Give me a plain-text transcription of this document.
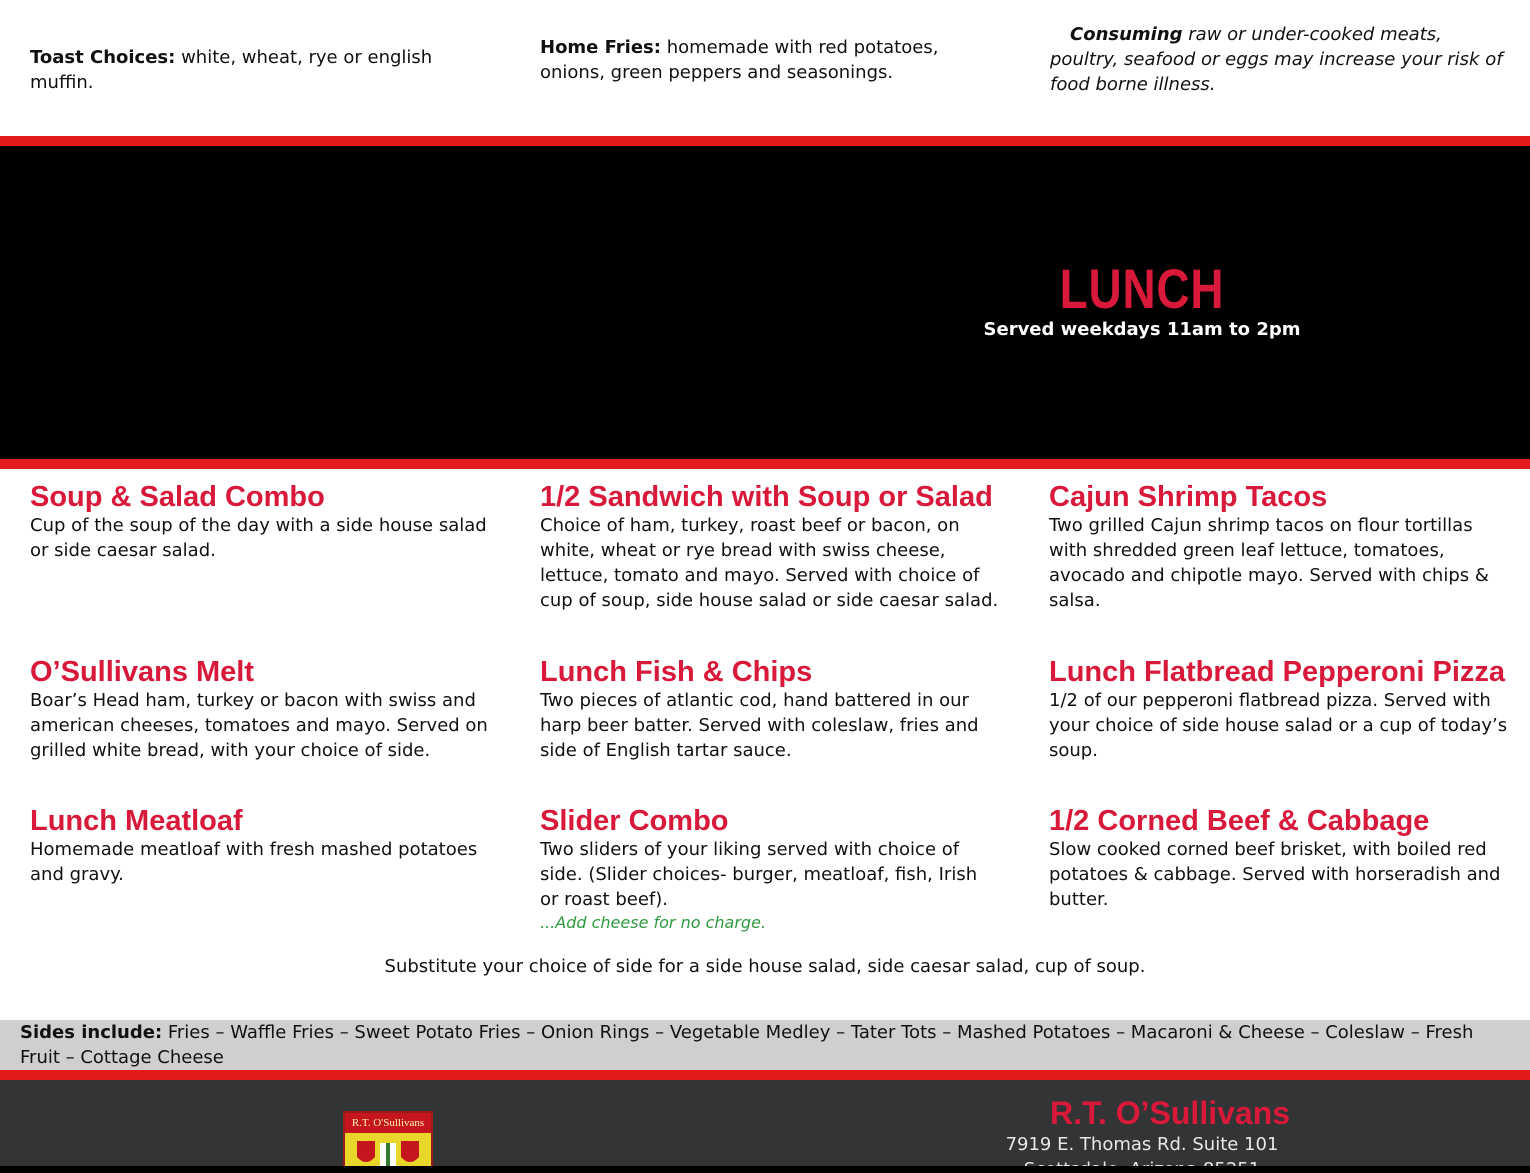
Toast Choices: white, wheat, rye or english muffin.

Home Fries: homemade with red potatoes, onions, green peppers and seasonings.

Consuming raw or under-cooked meats, poultry, seafood or eggs may increase your risk of food borne illness.

LUNCH
Served weekdays 11am to 2pm
Soup & Salad Combo

Cup of the soup of the day with a side house salad or side caesar salad.

1/2 Sandwich with Soup or Salad

Choice of ham, turkey, roast beef or bacon, on white, wheat or rye bread with swiss cheese, lettuce, tomato and mayo. Served with choice of cup of soup, side house salad or side caesar salad.

Cajun Shrimp Tacos

Two grilled Cajun shrimp tacos on flour tortillas with shredded green leaf lettuce, tomatoes, avocado and chipotle mayo. Served with chips & salsa.

O’Sullivans Melt

Boar’s Head ham, turkey or bacon with swiss and american cheeses, tomatoes and mayo. Served on grilled white bread, with your choice of side.

Lunch Fish & Chips

Two pieces of atlantic cod, hand battered in our harp beer batter. Served with coleslaw, fries and side of English tartar sauce.

Lunch Flatbread Pepperoni Pizza

1/2 of our pepperoni flatbread pizza. Served with your choice of side house salad or a cup of today’s soup.

Lunch Meatloaf

Homemade meatloaf with fresh mashed potatoes and gravy.

Slider Combo

Two sliders of your liking served with choice of side. (Slider choices- burger, meatloaf, fish, Irish or roast beef).

...Add cheese for no charge.

1/2 Corned Beef & Cabbage

Slow cooked corned beef brisket, with boiled red potatoes & cabbage. Served with horseradish and butter.

Substitute your choice of side for a side house salad, side caesar salad, cup of soup.

Sides include: Fries – Waffle Fries – Sweet Potato Fries – Onion Rings – Vegetable Medley – Tater Tots – Mashed Potatoes – Macaroni & Cheese – Coleslaw – Fresh Fruit – Cottage Cheese

R.T. O'Sullivans	R.T. O’Sullivans
7919 E. Thomas Rd. Suite 101
